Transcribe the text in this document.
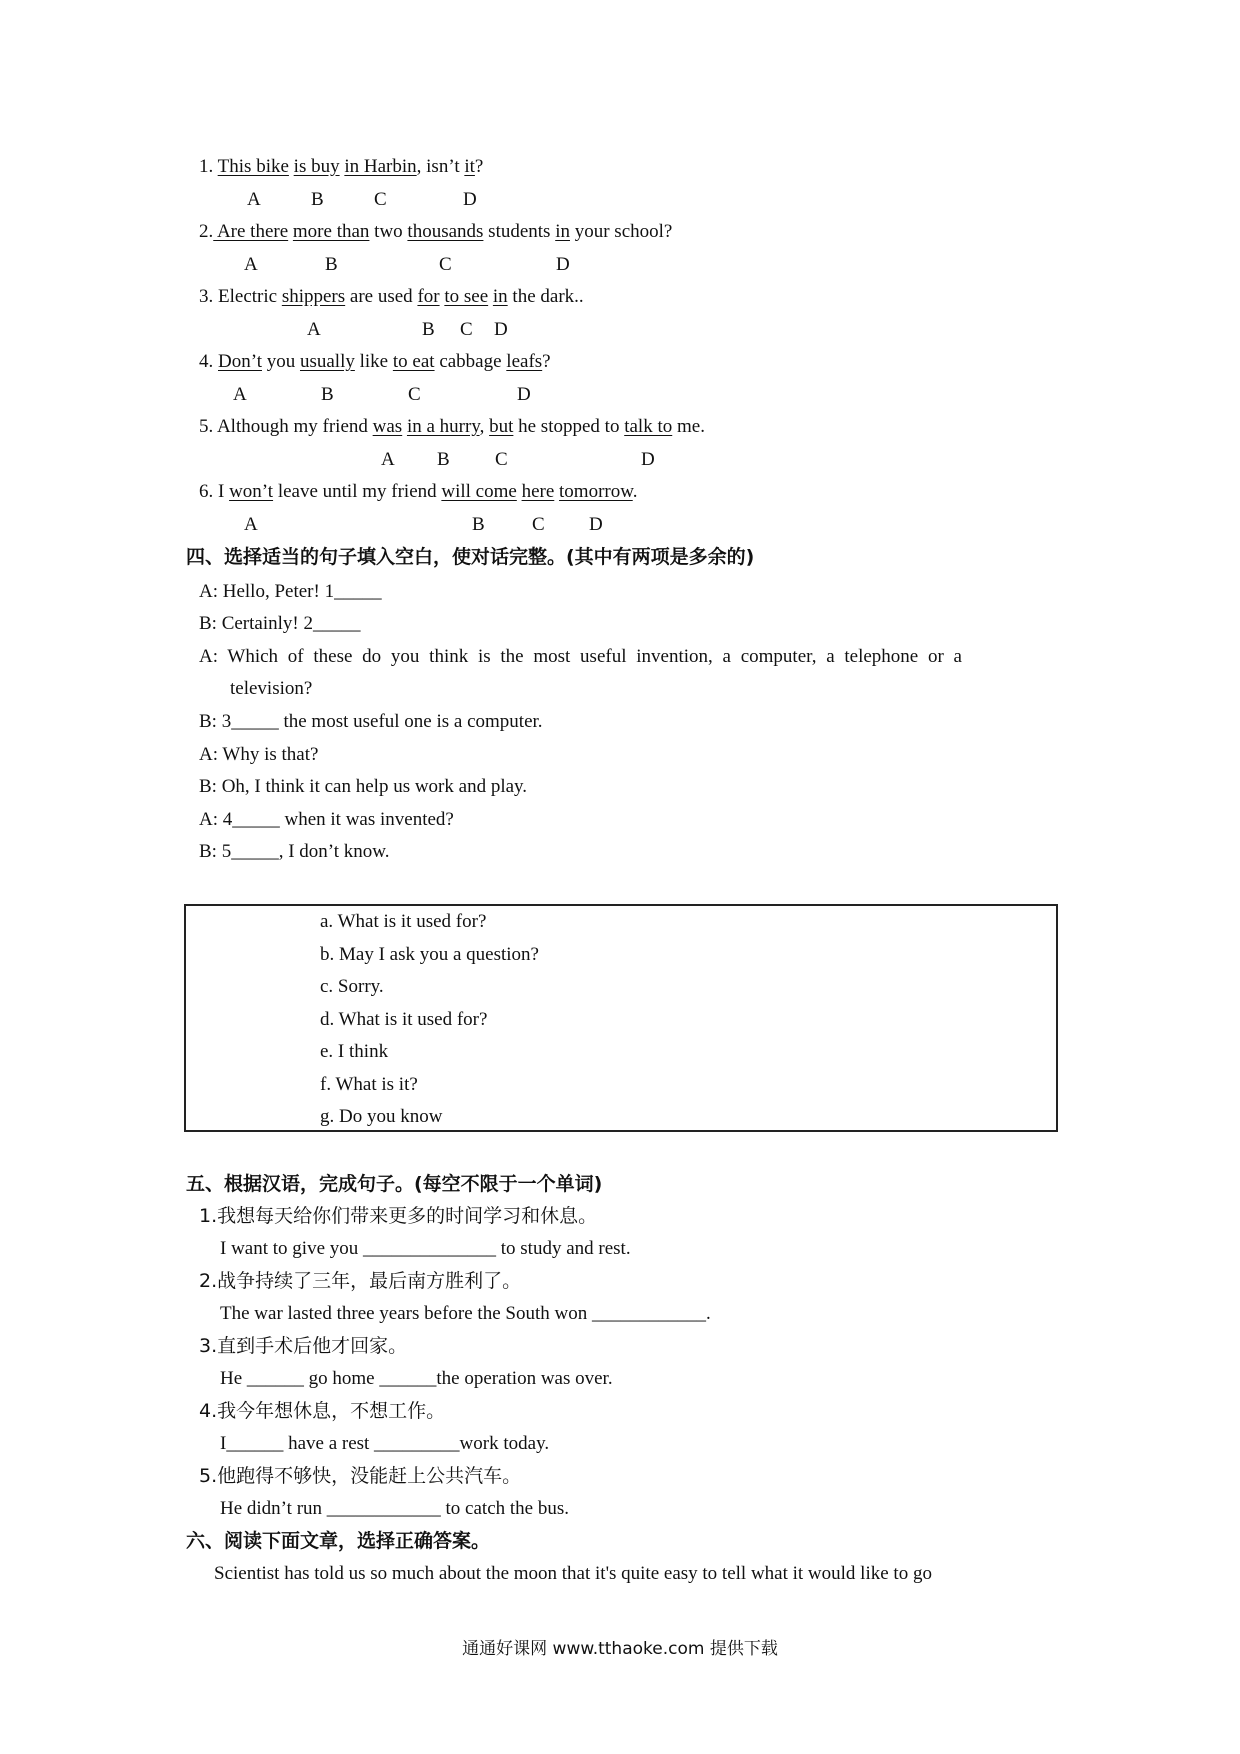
1. This bike is buy in Harbin, isn’t it?
A	B	C	D
2. Are there more than two thousands students in your school?
A	B	C	D
3. Electric shippers are used for to see in the dark..
A	B C D
4. Don’t you usually like to eat cabbage leafs?
A	B	C	D
5. Although my friend was in a hurry, but he stopped to talk to me.
A B C	D
6. I won’t leave until my friend will come here tomorrow.
A	B C D
四、选择适当的句子填入空白，使对话完整。(其中有两项是多余的)
A: Hello, Peter! 1_____
B: Certainly! 2_____
A: Which of these do you think is the most useful invention, a computer, a telephone or a
television?
B: 3_____ the most useful one is a computer.
A: Why is that?
B: Oh, I think it can help us work and play.
A: 4_____ when it was invented?
B: 5_____, I don’t know.
a. What is it used for?
b. May I ask you a question?
c. Sorry.
d. What is it used for?
e. I think
f. What is it?
g. Do you know
五、根据汉语，完成句子。(每空不限于一个单词)
1.我想每天给你们带来更多的时间学习和休息。
I want to give you ______________ to study and rest.
2.战争持续了三年，最后南方胜利了。
The war lasted three years before the South won ____________.
3.直到手术后他才回家。
He ______ go home ______the operation was over.
4.我今年想休息，不想工作。
I______ have a rest _________work today.
5.他跑得不够快，没能赶上公共汽车。
He didn’t run ____________ to catch the bus.
六、阅读下面文章，选择正确答案。
Scientist has told us so much about the moon that it's quite easy to tell what it would like to go
通通好课网 www.tthaoke.com 提供下载
